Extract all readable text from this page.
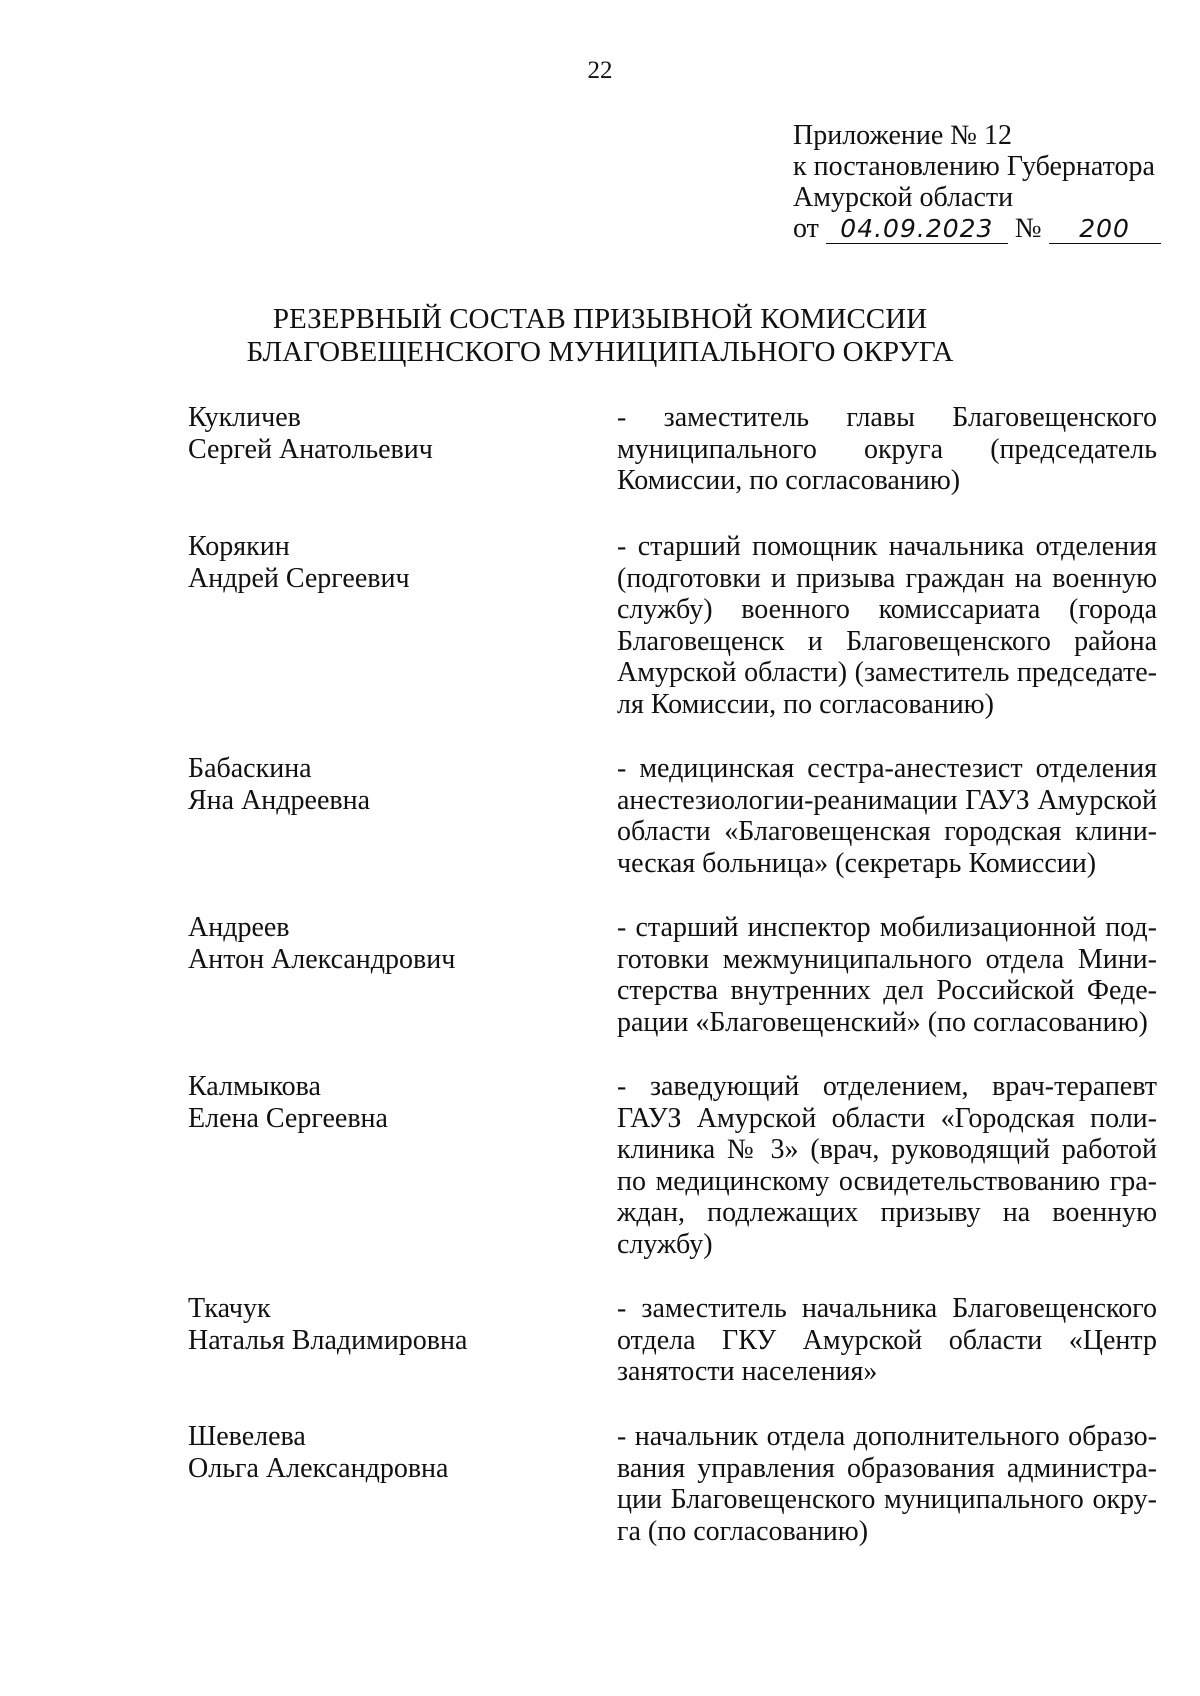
22
Приложение № 12
к постановлению Губернатора
Амурской области
от 04.09.2023 № 200
РЕЗЕРВНЫЙ СОСТАВ ПРИЗЫВНОЙ КОМИССИИ
БЛАГОВЕЩЕНСКОГО МУНИЦИПАЛЬНОГО ОКРУГА
Кукличев
Сергей Анатольевич
- заместитель главы Благовещенского муниципального округа (председатель Комиссии, по согласованию)
Корякин
Андрей Сергеевич
- старший помощник начальника отделения (подготовки и призыва граждан на военную службу) военного комиссариата (города Благовещенск и Благовещенского района Амурской области) (заместитель председате-ля Комиссии, по согласованию)
Бабаскина
Яна Андреевна
- медицинская сестра-анестезист отделения анестезиологии-реанимации ГАУЗ Амурской области «Благовещенская городская клини-ческая больница» (секретарь Комиссии)
Андреев
Антон Александрович
- старший инспектор мобилизационной под-готовки межмуниципального отдела Мини-стерства внутренних дел Российской Феде-рации «Благовещенский» (по согласованию)
Калмыкова
Елена Сергеевна
- заведующий отделением, врач-терапевт ГАУЗ Амурской области «Городская поли-клиника № 3» (врач, руководящий работой по медицинскому освидетельствованию гра-ждан, подлежащих призыву на военную службу)
Ткачук
Наталья Владимировна
- заместитель начальника Благовещенского отдела ГКУ Амурской области «Центр занятости населения»
Шевелева
Ольга Александровна
- начальник отдела дополнительного образо-вания управления образования администра-ции Благовещенского муниципального окру-га (по согласованию)
